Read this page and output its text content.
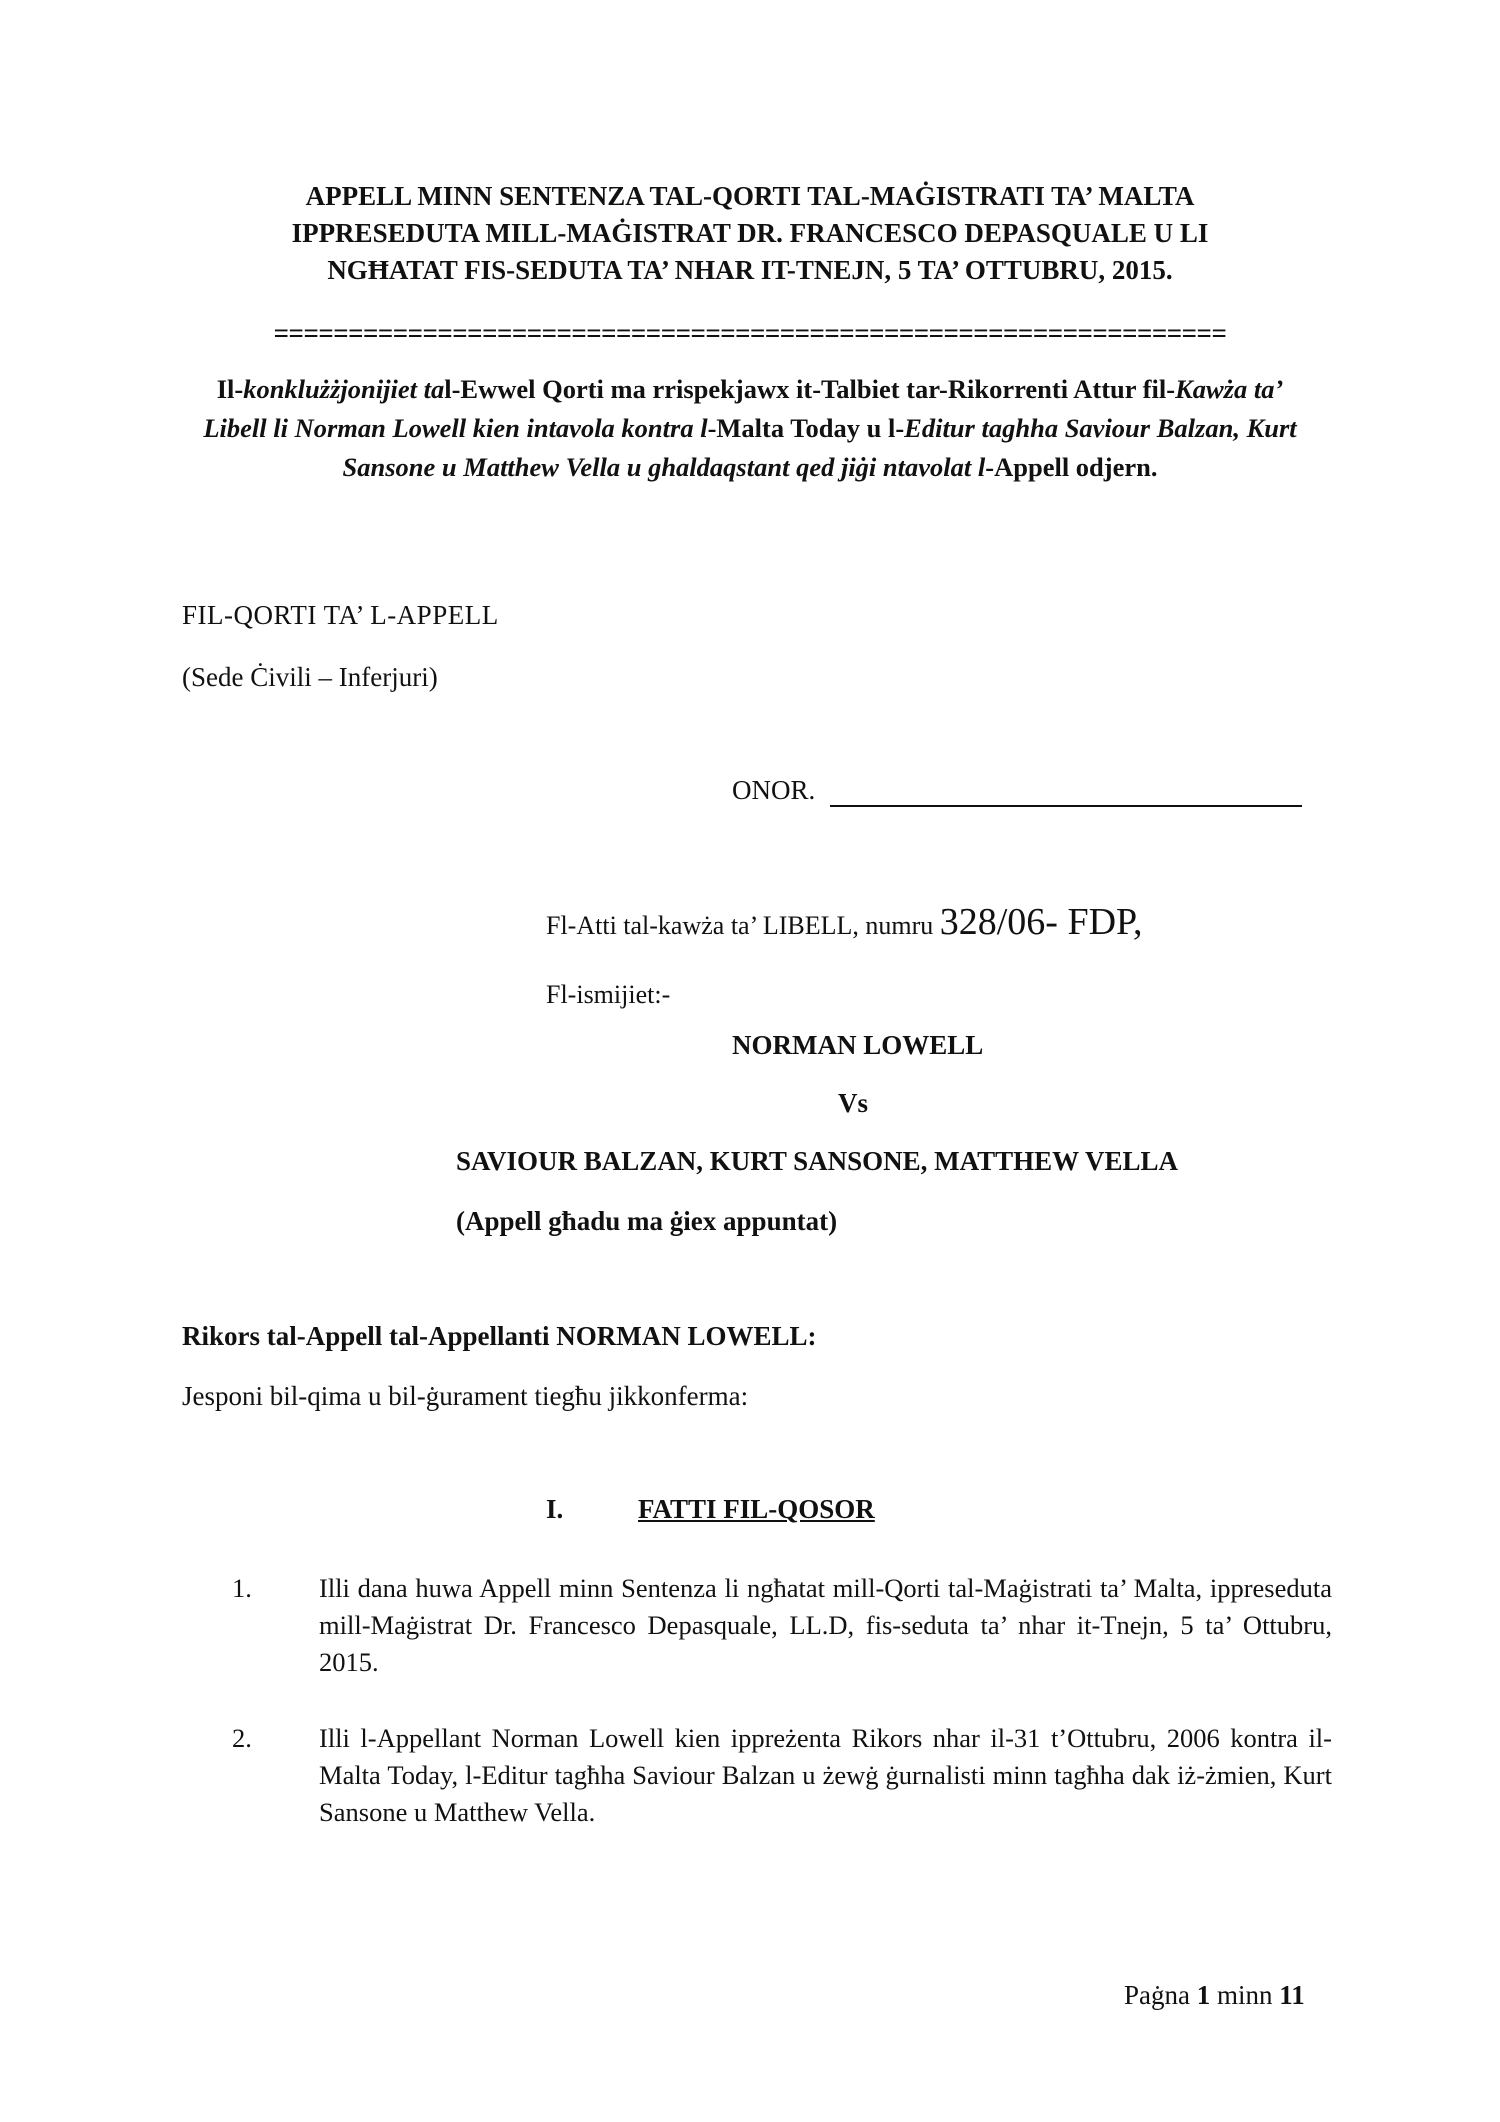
APPELL MINN SENTENZA TAL-QORTI TAL-MAĠISTRATI TA’ MALTA
IPPRESEDUTA MILL-MAĠISTRAT DR. FRANCESCO DEPASQUALE U LI
NGĦATAT FIS-SEDUTA TA’ NHAR IT-TNEJN, 5 TA’ OTTUBRU, 2015.
================================================================
Il-konklużżjonijiet tal-Ewwel Qorti ma rrispekjawx it-Talbiet tar-Rikorrenti Attur fil-Kawża ta’ Libell li Norman Lowell kien intavola kontra l-Malta Today u l-Editur taghha Saviour Balzan, Kurt Sansone u Matthew Vella u ghaldaqstant qed jiġi ntavolat l-Appell odjern.
FIL-QORTI TA’ L-APPELL
(Sede Ċivili – Inferjuri)
ONOR.
Fl-Atti tal-kawża ta’ LIBELL, numru 328/06- FDP,
Fl-ismijiet:-
NORMAN LOWELL
Vs
SAVIOUR BALZAN, KURT SANSONE, MATTHEW VELLA
(Appell għadu ma ġiex appuntat)
Rikors tal-Appell tal-Appellanti NORMAN LOWELL:
Jesponi bil-qima u bil-ġurament tiegħu jikkonferma:
I.	FATTI FIL-QOSOR
1.	Illi dana huwa Appell minn Sentenza li ngħatat mill-Qorti tal-Maġistrati ta’ Malta, ippreseduta mill-Maġistrat Dr. Francesco Depasquale, LL.D, fis-seduta ta’ nhar it-Tnejn, 5 ta’ Ottubru, 2015.
2.	Illi l-Appellant Norman Lowell kien ippreżenta Rikors nhar il-31 t’Ottubru, 2006 kontra il-Malta Today, l-Editur tagħha Saviour Balzan u żewġ ġurnalisti minn tagħha dak iż-żmien, Kurt Sansone u Matthew Vella.
Paġna 1 minn 11
